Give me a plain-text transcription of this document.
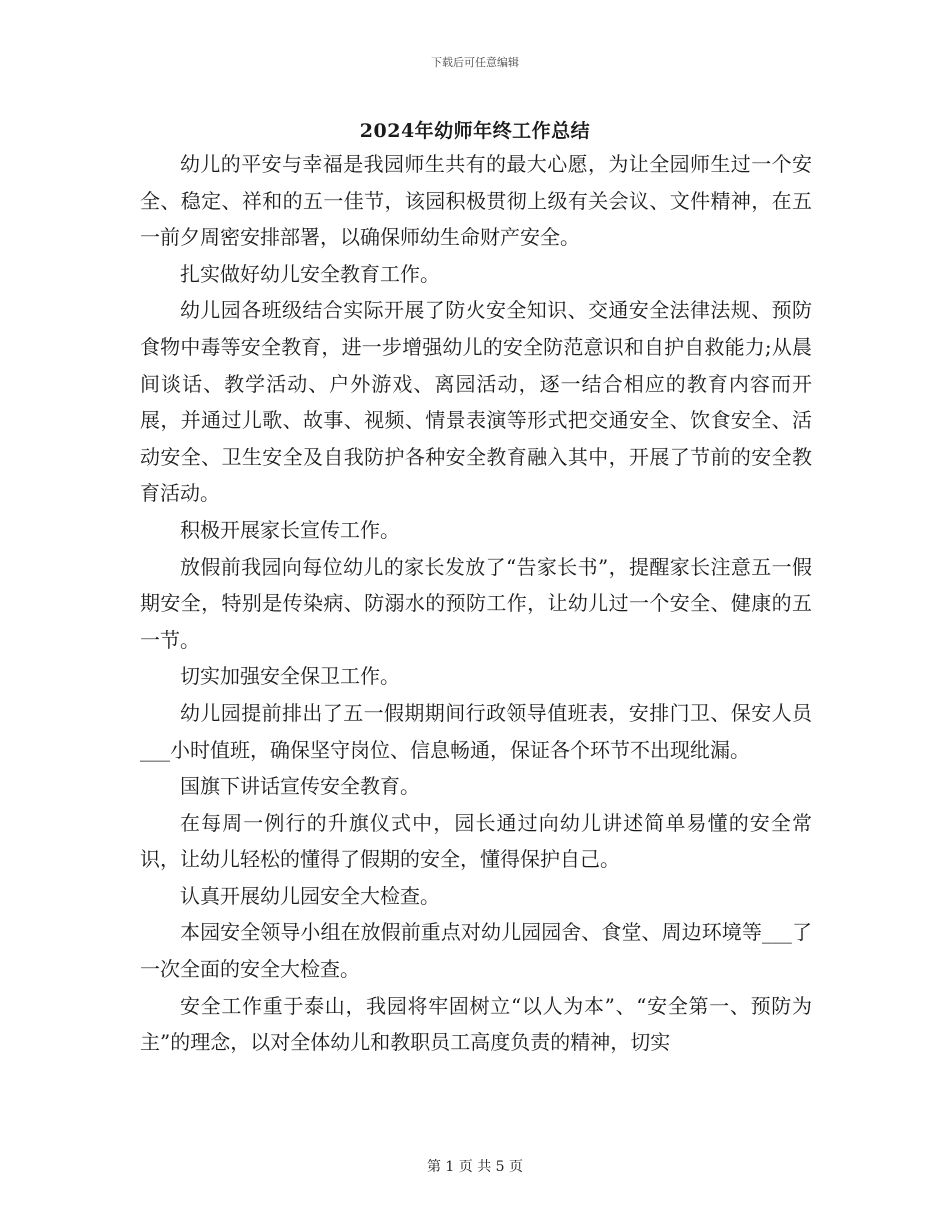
下载后可任意编辑
2024年幼师年终工作总结

幼儿的平安与幸福是我园师生共有的最大心愿，为让全园师生过一个安全、稳定、祥和的五一佳节，该园积极贯彻上级有关会议、文件精神，在五一前夕周密安排部署，以确保师幼生命财产安全。

扎实做好幼儿安全教育工作。

幼儿园各班级结合实际开展了防火安全知识、交通安全法律法规、预防食物中毒等安全教育，进一步增强幼儿的安全防范意识和自护自救能力;从晨间谈话、教学活动、户外游戏、离园活动，逐一结合相应的教育内容而开展，并通过儿歌、故事、视频、情景表演等形式把交通安全、饮食安全、活动安全、卫生安全及自我防护各种安全教育融入其中，开展了节前的安全教育活动。

积极开展家长宣传工作。

放假前我园向每位幼儿的家长发放了“告家长书”，提醒家长注意五一假期安全，特别是传染病、防溺水的预防工作，让幼儿过一个安全、健康的五一节。

切实加强安全保卫工作。

幼儿园提前排出了五一假期期间行政领导值班表，安排门卫、保安人员___小时值班，确保坚守岗位、信息畅通，保证各个环节不出现纰漏。

国旗下讲话宣传安全教育。

在每周一例行的升旗仪式中，园长通过向幼儿讲述简单易懂的安全常识，让幼儿轻松的懂得了假期的安全，懂得保护自己。

认真开展幼儿园安全大检查。

本园安全领导小组在放假前重点对幼儿园园舍、食堂、周边环境等___了一次全面的安全大检查。

安全工作重于泰山，我园将牢固树立“以人为本”、“安全第一、预防为主”的理念，以对全体幼儿和教职员工高度负责的精神，切实

第 1 页 共 5 页
